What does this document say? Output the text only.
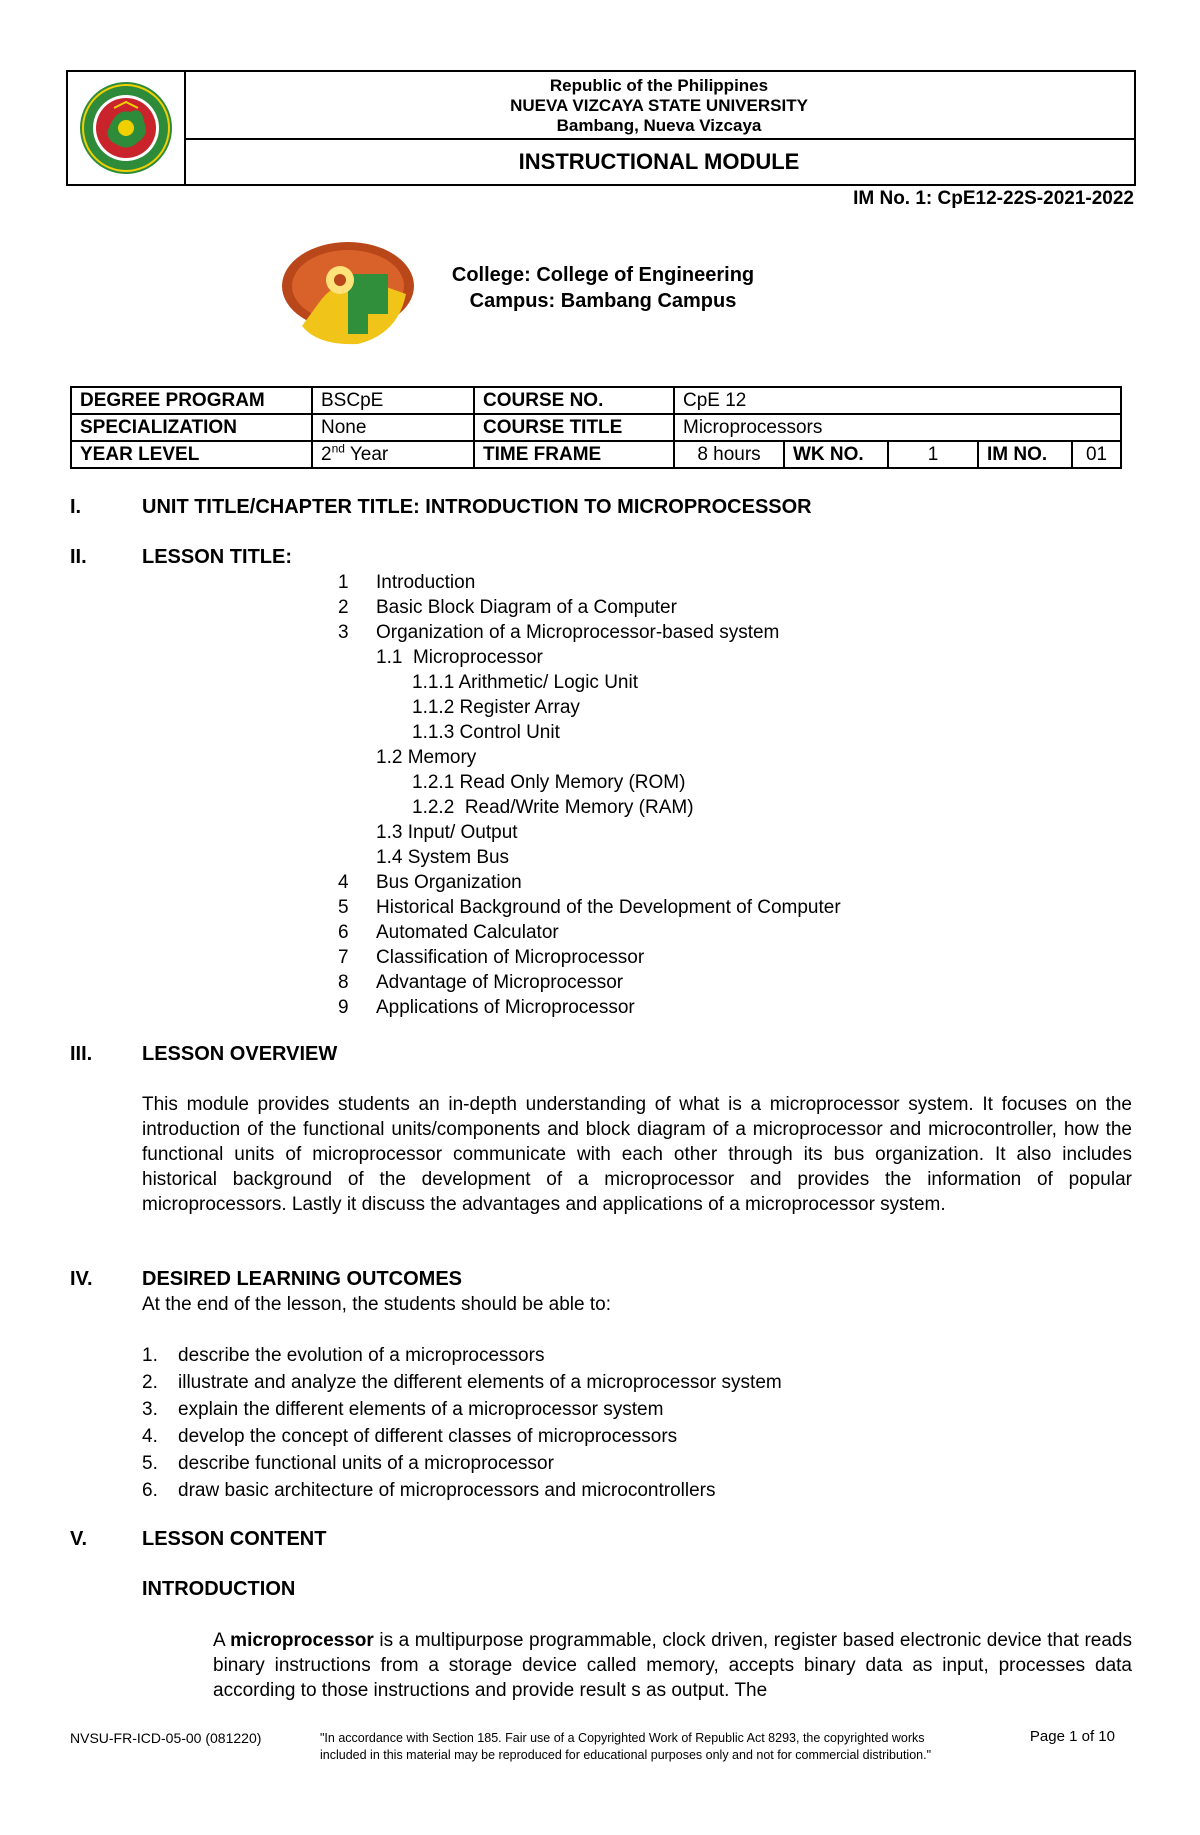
Republic of the Philippines
NUEVA VIZCAYA STATE UNIVERSITY
Bambang, Nueva Vizcaya
INSTRUCTIONAL MODULE
IM No. 1: CpE12-22S-2021-2022
College: College of Engineering
Campus: Bambang Campus
DEGREE PROGRAM	BSCpE	COURSE NO.	CpE 12				
SPECIALIZATION	None	COURSE TITLE	Microprocessors				
YEAR LEVEL	2nd Year	TIME FRAME	8 hours	WK NO.	1	IM NO.	01
I.	UNIT TITLE/CHAPTER TITLE: INTRODUCTION TO MICROPROCESSOR
II.	LESSON TITLE:
1 Introduction
2 Basic Block Diagram of a Computer
3 Organization of a Microprocessor-based system
1.1  Microprocessor
1.1.1 Arithmetic/ Logic Unit
1.1.2 Register Array
1.1.3 Control Unit
1.2 Memory
1.2.1 Read Only Memory (ROM)
1.2.2  Read/Write Memory (RAM)
1.3 Input/ Output
1.4 System Bus
4 Bus Organization
5 Historical Background of the Development of Computer
6 Automated Calculator
7 Classification of Microprocessor
8 Advantage of Microprocessor
9 Applications of Microprocessor
III. LESSON OVERVIEW
This module provides students an in-depth understanding of what is a microprocessor system. It focuses on the introduction of the functional units/components and block diagram of a microprocessor and microcontroller, how the functional units of microprocessor communicate with each other through its bus organization. It also includes historical background of the development of a microprocessor and provides the information of popular microprocessors. Lastly it discuss the advantages and applications of a microprocessor system.
IV. DESIRED LEARNING OUTCOMES
At the end of the lesson, the students should be able to:
1. describe the evolution of a microprocessors
2. illustrate and analyze the different elements of a microprocessor system
3. explain the different elements of a microprocessor system
4. develop the concept of different classes of microprocessors
5. describe functional units of a microprocessor
6. draw basic architecture of microprocessors and microcontrollers
V.	LESSON CONTENT
INTRODUCTION
A microprocessor is a multipurpose programmable, clock driven, register based electronic device that reads binary instructions from a storage device called memory, accepts binary data as input, processes data according to those instructions and provide result s as output. The
NVSU-FR-ICD-05-00 (081220)	"In accordance with Section 185. Fair use of a Copyrighted Work of Republic Act 8293, the copyrighted works
included in this material may be reproduced for educational purposes only and not for commercial distribution."
Page 1 of 10
